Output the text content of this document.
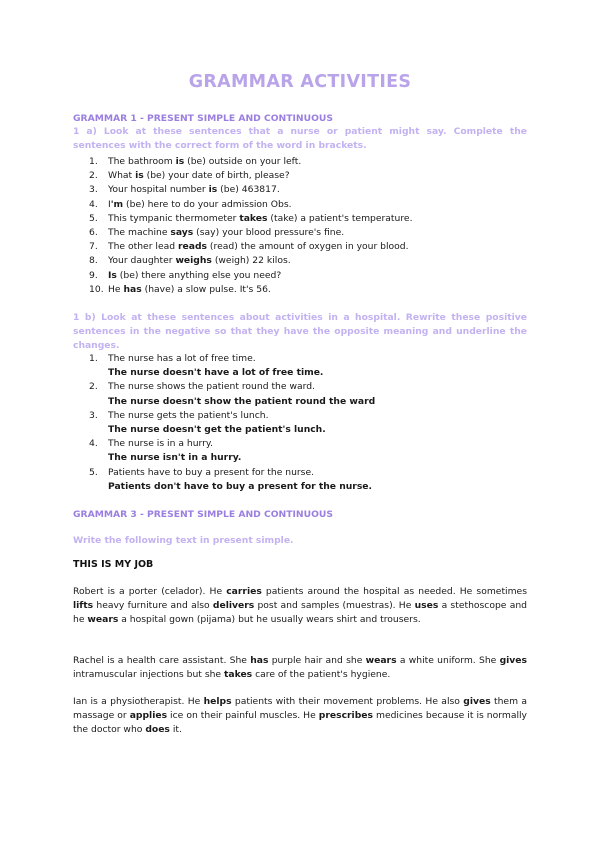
GRAMMAR ACTIVITIES
GRAMMAR 1 - PRESENT SIMPLE AND CONTINUOUS
1 a) Look at these sentences that a nurse or patient might say. Complete the sentences with the correct form of the word in brackets.
1. The bathroom is (be) outside on your left.
2. What is (be) your date of birth, please?
3. Your hospital number is (be) 463817.
4. I'm (be) here to do your admission Obs.
5. This tympanic thermometer takes (take) a patient's temperature.
6. The machine says (say) your blood pressure's fine.
7. The other lead reads (read) the amount of oxygen in your blood.
8. Your daughter weighs (weigh) 22 kilos.
9. Is (be) there anything else you need?
10. He has (have) a slow pulse. It's 56.
1 b) Look at these sentences about activities in a hospital. Rewrite these positive sentences in the negative so that they have the opposite meaning and underline the changes.
1. The nurse has a lot of free time.
The nurse doesn't have a lot of free time.
2. The nurse shows the patient round the ward.
The nurse doesn't show the patient round the ward
3. The nurse gets the patient's lunch.
The nurse doesn't get the patient's lunch.
4. The nurse is in a hurry.
The nurse isn't in a hurry.
5. Patients have to buy a present for the nurse.
Patients don't have to buy a present for the nurse.
GRAMMAR 3 - PRESENT SIMPLE AND CONTINUOUS
Write the following text in present simple.
THIS IS MY JOB

Robert is a porter (celador). He carries patients around the hospital as needed. He sometimes lifts heavy furniture and also delivers post and samples (muestras). He uses a stethoscope and he wears a hospital gown (pijama) but he usually wears shirt and trousers.

Rachel is a health care assistant. She has purple hair and she wears a white uniform. She gives intramuscular injections but she takes care of the patient's hygiene.

Ian is a physiotherapist. He helps patients with their movement problems. He also gives them a massage or applies ice on their painful muscles. He prescribes medicines because it is normally the doctor who does it.
